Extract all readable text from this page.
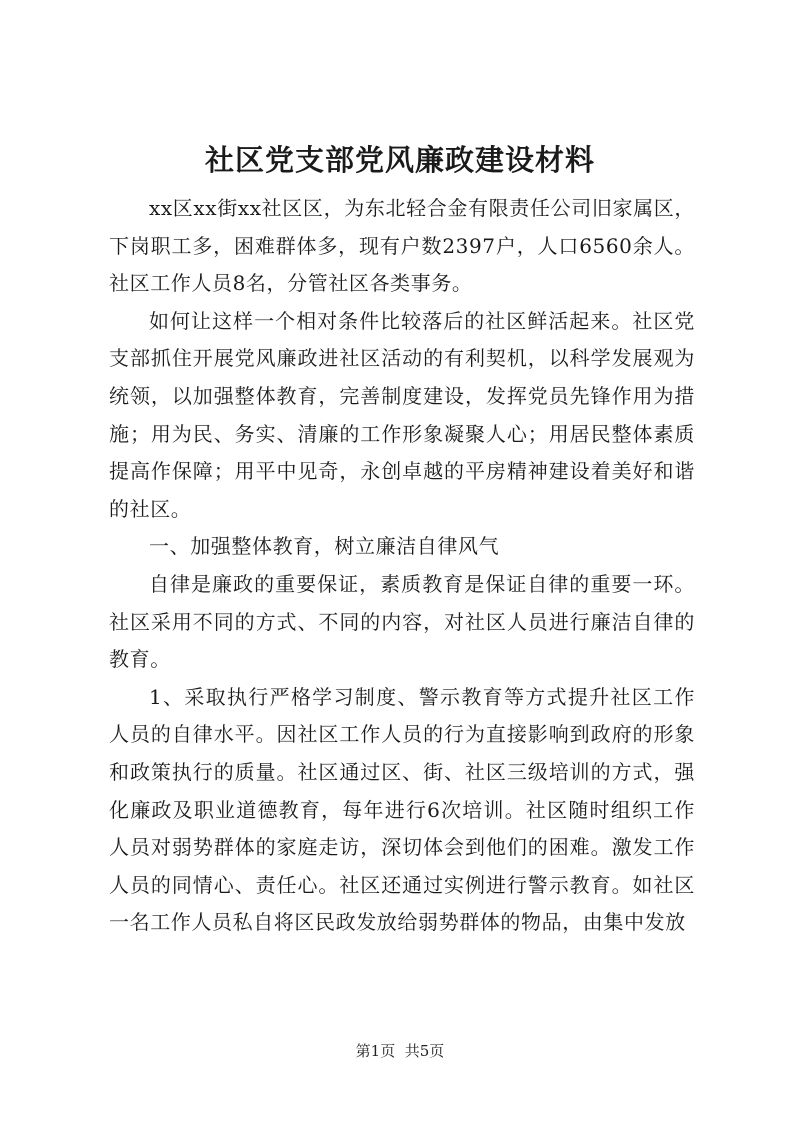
社区党支部党风廉政建设材料

xx区xx街xx社区区，为东北轻合金有限责任公司旧家属区，下岗职工多，困难群体多，现有户数2397户，人口6560余人。社区工作人员8名，分管社区各类事务。

如何让这样一个相对条件比较落后的社区鲜活起来。社区党支部抓住开展党风廉政进社区活动的有利契机，以科学发展观为统领，以加强整体教育，完善制度建设，发挥党员先锋作用为措施；用为民、务实、清廉的工作形象凝聚人心；用居民整体素质提高作保障；用平中见奇，永创卓越的平房精神建设着美好和谐的社区。

一、加强整体教育，树立廉洁自律风气

自律是廉政的重要保证，素质教育是保证自律的重要一环。社区采用不同的方式、不同的内容，对社区人员进行廉洁自律的教育。

1、采取执行严格学习制度、警示教育等方式提升社区工作人员的自律水平。因社区工作人员的行为直接影响到政府的形象和政策执行的质量。社区通过区、街、社区三级培训的方式，强化廉政及职业道德教育，每年进行6次培训。社区随时组织工作人员对弱势群体的家庭走访，深切体会到他们的困难。激发工作人员的同情心、责任心。社区还通过实例进行警示教育。如社区一名工作人员私自将区民政发放给弱势群体的物品，由集中发放

第1页 共5页
